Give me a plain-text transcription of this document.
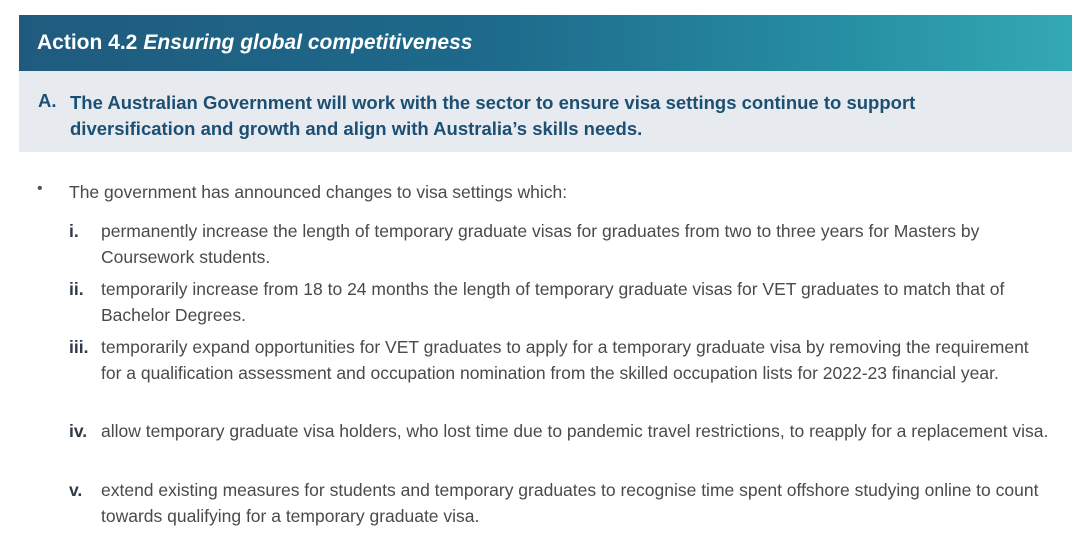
Action 4.2 Ensuring global competitiveness
A. The Australian Government will work with the sector to ensure visa settings continue to support diversification and growth and align with Australia’s skills needs.
• The government has announced changes to visa settings which:
i. permanently increase the length of temporary graduate visas for graduates from two to three years for Masters by Coursework students.
ii. temporarily increase from 18 to 24 months the length of temporary graduate visas for VET graduates to match that of Bachelor Degrees.
iii. temporarily expand opportunities for VET graduates to apply for a temporary graduate visa by removing the requirement for a qualification assessment and occupation nomination from the skilled occupation lists for 2022-23 financial year.
iv. allow temporary graduate visa holders, who lost time due to pandemic travel restrictions, to reapply for a replacement visa.
v. extend existing measures for students and temporary graduates to recognise time spent offshore studying online to count towards qualifying for a temporary graduate visa.
